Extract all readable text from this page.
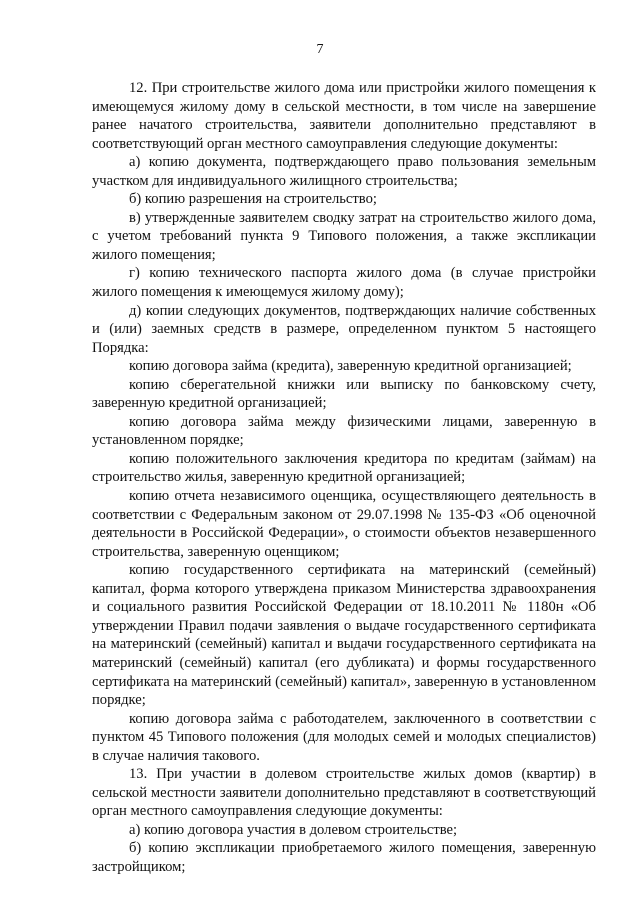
7

12. При строительстве жилого дома или пристройки жилого помещения к имеющемуся жилому дому в сельской местности, в том числе на завершение ранее начатого строительства, заявители дополнительно представляют в соответствующий орган местного самоуправления следующие документы:

а) копию документа, подтверждающего право пользования земельным участком для индивидуального жилищного строительства;

б) копию разрешения на строительство;

в) утвержденные заявителем сводку затрат на строительство жилого дома, с учетом требований пункта 9 Типового положения, а также экспликации жилого помещения;

г) копию технического паспорта жилого дома (в случае пристройки жилого помещения к имеющемуся жилому дому);

д) копии следующих документов, подтверждающих наличие собственных и (или) заемных средств в размере, определенном пунктом 5 настоящего Порядка:

копию договора займа (кредита), заверенную кредитной организацией;

копию сберегательной книжки или выписку по банковскому счету, заверенную кредитной организацией;

копию договора займа между физическими лицами, заверенную в установленном порядке;

копию положительного заключения кредитора по кредитам (займам) на строительство жилья, заверенную кредитной организацией;

копию отчета независимого оценщика, осуществляющего деятельность в соответствии с Федеральным законом от 29.07.1998 № 135-ФЗ «Об оценочной деятельности в Российской Федерации», о стоимости объектов незавершенного строительства, заверенную оценщиком;

копию государственного сертификата на материнский (семейный) капитал, форма которого утверждена приказом Министерства здравоохранения и социального развития Российской Федерации от 18.10.2011 № 1180н «Об утверждении Правил подачи заявления о выдаче государственного сертификата на материнский (семейный) капитал и выдачи государственного сертификата на материнский (семейный) капитал (его дубликата) и формы государственного сертификата на материнский (семейный) капитал», заверенную в установленном порядке;

копию договора займа с работодателем, заключенного в соответствии с пунктом 45 Типового положения (для молодых семей и молодых специалистов) в случае наличия такового.

13. При участии в долевом строительстве жилых домов (квартир) в сельской местности заявители дополнительно представляют в соответствующий орган местного самоуправления следующие документы:

а) копию договора участия в долевом строительстве;

б) копию экспликации приобретаемого жилого помещения, заверенную застройщиком;
